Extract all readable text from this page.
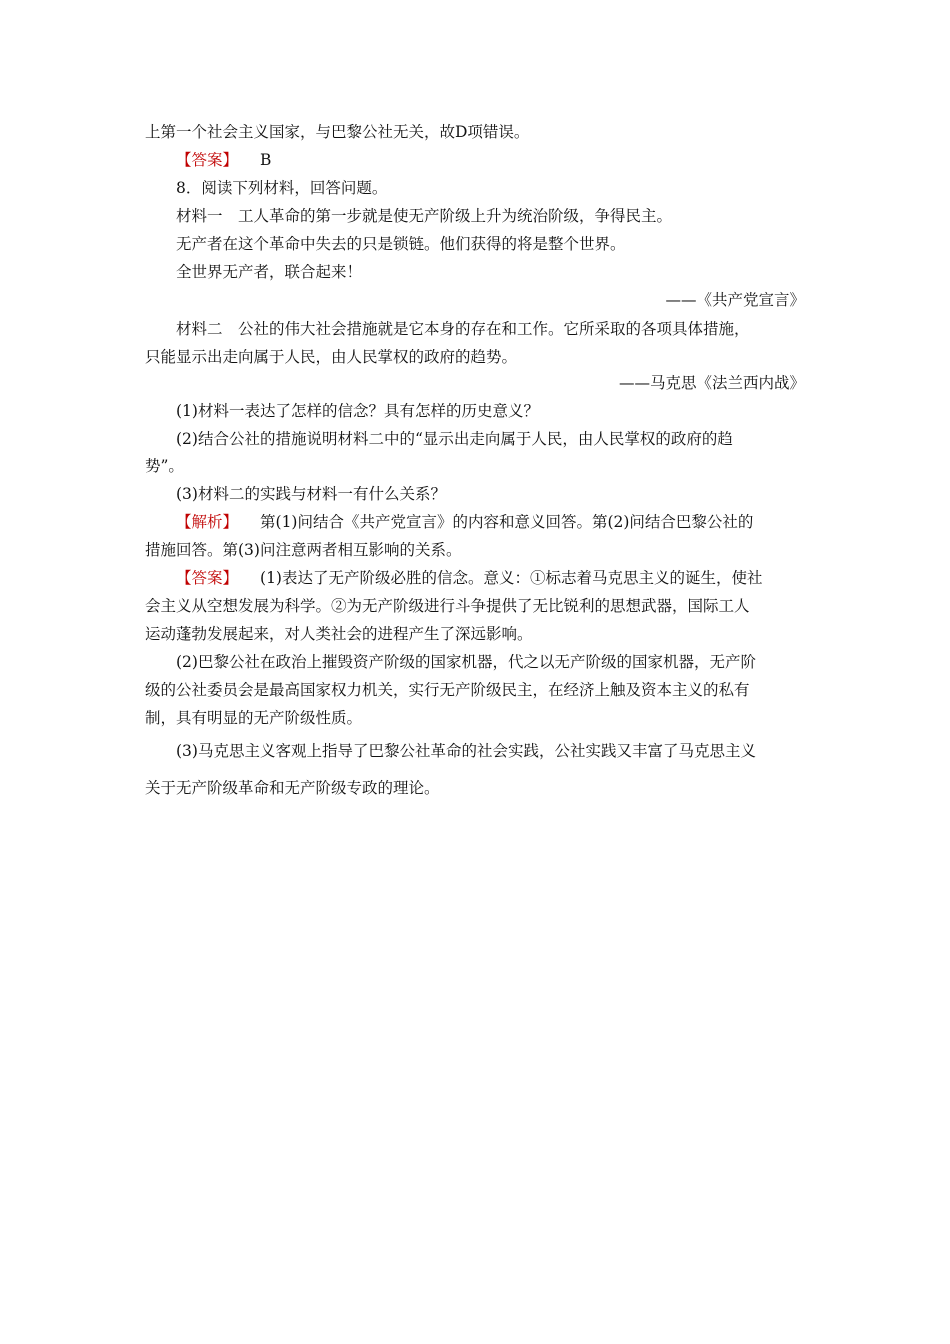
上第一个社会主义国家，与巴黎公社无关，故D项错误。
【答案】 B
8．阅读下列材料，回答问题。
材料一　工人革命的第一步就是使无产阶级上升为统治阶级，争得民主。
无产者在这个革命中失去的只是锁链。他们获得的将是整个世界。
全世界无产者，联合起来！
——《共产党宣言》
材料二　公社的伟大社会措施就是它本身的存在和工作。它所采取的各项具体措施，
只能显示出走向属于人民，由人民掌权的政府的趋势。
——马克思《法兰西内战》
(1)材料一表达了怎样的信念？具有怎样的历史意义？
(2)结合公社的措施说明材料二中的“显示出走向属于人民，由人民掌权的政府的趋
势”。
(3)材料二的实践与材料一有什么关系？
【解析】 第(1)问结合《共产党宣言》的内容和意义回答。第(2)问结合巴黎公社的
措施回答。第(3)问注意两者相互影响的关系。
【答案】 (1)表达了无产阶级必胜的信念。意义：①标志着马克思主义的诞生，使社
会主义从空想发展为科学。②为无产阶级进行斗争提供了无比锐利的思想武器，国际工人
运动蓬勃发展起来，对人类社会的进程产生了深远影响。
(2)巴黎公社在政治上摧毁资产阶级的国家机器，代之以无产阶级的国家机器，无产阶
级的公社委员会是最高国家权力机关，实行无产阶级民主，在经济上触及资本主义的私有
制，具有明显的无产阶级性质。
(3)马克思主义客观上指导了巴黎公社革命的社会实践，公社实践又丰富了马克思主义
关于无产阶级革命和无产阶级专政的理论。
